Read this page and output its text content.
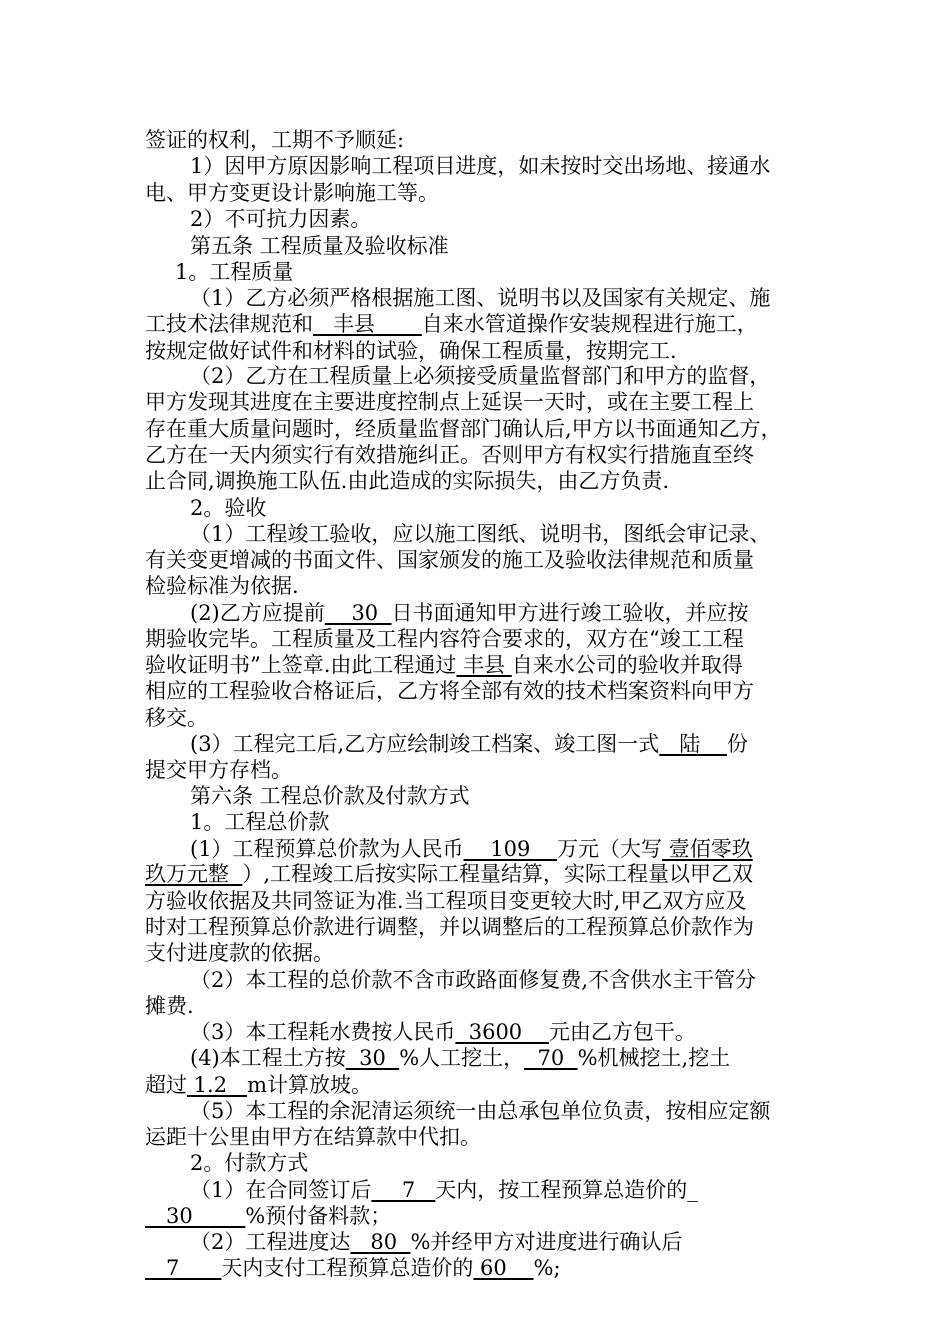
签证的权利，工期不予顺延:
1）因甲方原因影响工程项目进度，如未按时交出场地、接通水
电、甲方变更设计影响施工等。
2）不可抗力因素。
第五条 工程质量及验收标准
1。工程质量
（1）乙方必须严格根据施工图、说明书以及国家有关规定、施
工技术法律规范和   丰县       自来水管道操作安装规程进行施工，
按规定做好试件和材料的试验，确保工程质量，按期完工.
（2）乙方在工程质量上必须接受质量监督部门和甲方的监督，
甲方发现其进度在主要进度控制点上延误一天时，或在主要工程上
存在重大质量问题时，经质量监督部门确认后,甲方以书面通知乙方，
乙方在一天内须实行有效措施纠正。否则甲方有权实行措施直至终
止合同,调换施工队伍.由此造成的实际损失，由乙方负责.
2。验收
（1）工程竣工验收，应以施工图纸、说明书，图纸会审记录、
有关变更增减的书面文件、国家颁发的施工及验收法律规范和质量
检验标准为依据.
(2)乙方应提前    30  日书面通知甲方进行竣工验收，并应按
期验收完毕。工程质量及工程内容符合要求的，双方在“竣工工程
验收证明书”上签章.由此工程通过 丰县 自来水公司的验收并取得
相应的工程验收合格证后，乙方将全部有效的技术档案资料向甲方
移交。
(3）工程完工后,乙方应绘制竣工档案、竣工图一式   陆    份
提交甲方存档。
第六条 工程总价款及付款方式
1。工程总价款
(1）工程预算总价款为人民币    109    万元（大写 壹佰零玖
玖万元整  ）,工程竣工后按实际工程量结算，实际工程量以甲乙双
方验收依据及共同签证为准.当工程项目变更较大时,甲乙双方应及
时对工程预算总价款进行调整，并以调整后的工程预算总价款作为
支付进度款的依据。
（2）本工程的总价款不含市政路面修复费,不含供水主干管分
摊费.
（3）本工程耗水费按人民币  3600    元由乙方包干。
(4)本工程土方按  30  %人工挖土，  70  %机械挖土,挖土
超过 1.2   m计算放坡。
（5）本工程的余泥清运须统一由总承包单位负责，按相应定额
运距十公里由甲方在结算款中代扣。
2。付款方式
（1）在合同签订后   _7   天内，按工程预算总造价的_
__30_____%预付备料款；
（2）工程进度达   80  %并经甲方对进度进行确认后
__7____天内支付工程预算总造价的 60    %;
